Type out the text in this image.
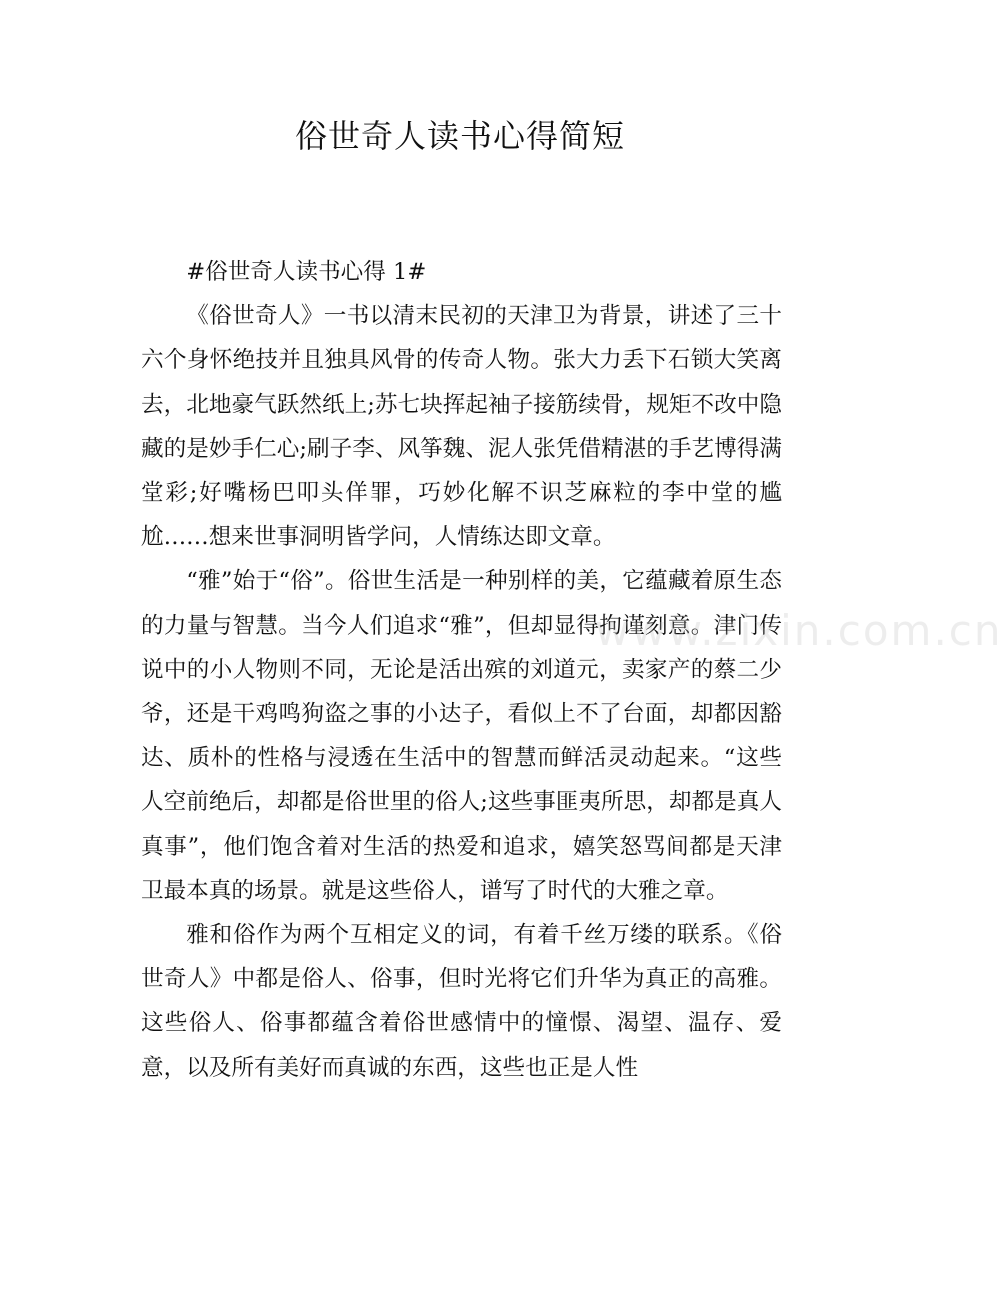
俗世奇人读书心得简短

#俗世奇人读书心得 1#

《俗世奇人》一书以清末民初的天津卫为背景，讲述了三十六个身怀绝技并且独具风骨的传奇人物。张大力丢下石锁大笑离去，北地豪气跃然纸上;苏七块挥起袖子接筋续骨，规矩不改中隐藏的是妙手仁心;刷子李、风筝魏、泥人张凭借精湛的手艺博得满堂彩;好嘴杨巴叩头佯罪，巧妙化解不识芝麻粒的李中堂的尴尬……想来世事洞明皆学问，人情练达即文章。

“雅”始于“俗”。俗世生活是一种别样的美，它蕴藏着原生态的力量与智慧。当今人们追求“雅”，但却显得拘谨刻意。津门传说中的小人物则不同，无论是活出殡的刘道元，卖家产的蔡二少爷，还是干鸡鸣狗盗之事的小达子，看似上不了台面，却都因豁达、质朴的性格与浸透在生活中的智慧而鲜活灵动起来。“这些人空前绝后，却都是俗世里的俗人;这些事匪夷所思，却都是真人真事”，他们饱含着对生活的热爱和追求，嬉笑怒骂间都是天津卫最本真的场景。就是这些俗人，谱写了时代的大雅之章。

雅和俗作为两个互相定义的词，有着千丝万缕的联系。《俗世奇人》中都是俗人、俗事，但时光将它们升华为真正的高雅。这些俗人、俗事都蕴含着俗世感情中的憧憬、渴望、温存、爱意，以及所有美好而真诚的东西，这些也正是人性

www.zixin.com.cn
